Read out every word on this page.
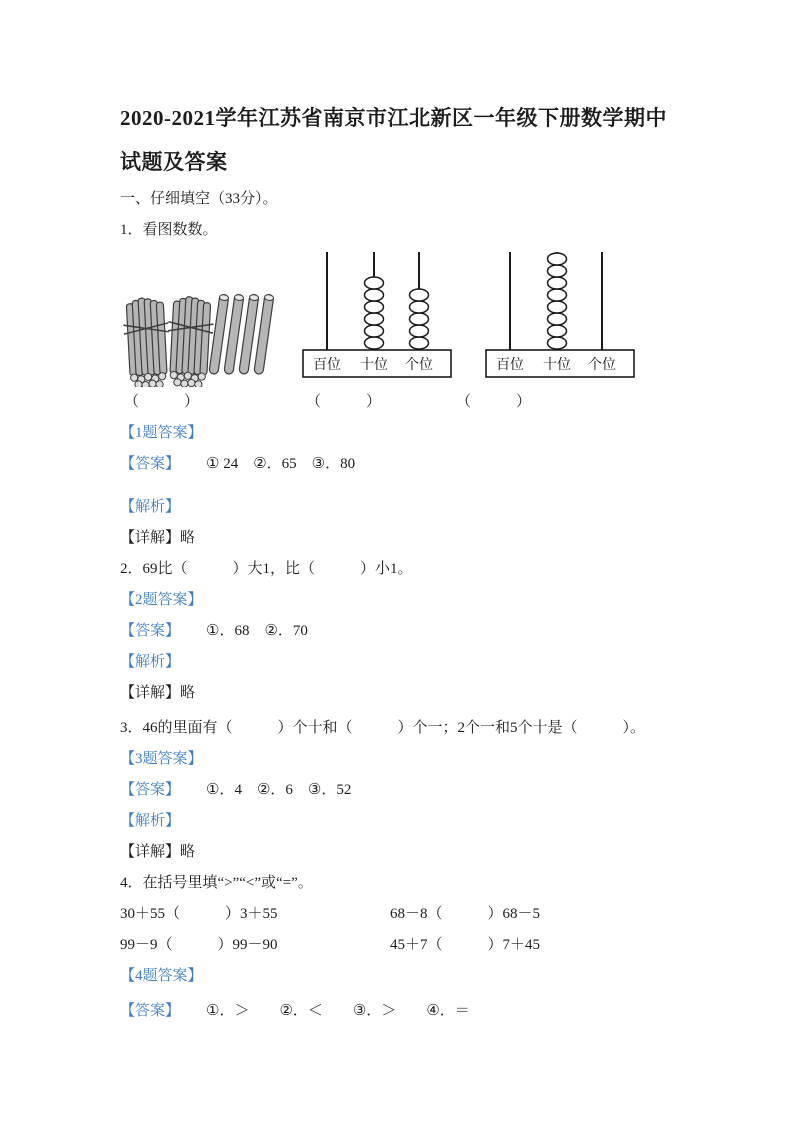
2020-2021学年江苏省南京市江北新区一年级下册数学期中
试题及答案

一、仔细填空（33分）。

1．看图数数。

百位 十位 个位	百位 十位 个位
（　　　）	（　　　）	（　　　）

【1题答案】

【答案】 ① 24　②．65　③．80

【解析】

【详解】略

2．69比（　　　）大1，比（　　　）小1。

【2题答案】

【答案】 ①．68　②．70

【解析】

【详解】略

3．46的里面有（　　　）个十和（　　　）个一；2个一和5个十是（　　　）。

【3题答案】

【答案】 ①．4　②．6　③．52

【解析】

【详解】略

4．在括号里填“>”“<”或“=”。

30＋55（　　　）3＋55	68－8（　　　）68－5
99－9（　　　）99－90	45＋7（　　　）7＋45

【4题答案】

【答案】 ①．＞　　②．＜　　③．＞　　④．＝
